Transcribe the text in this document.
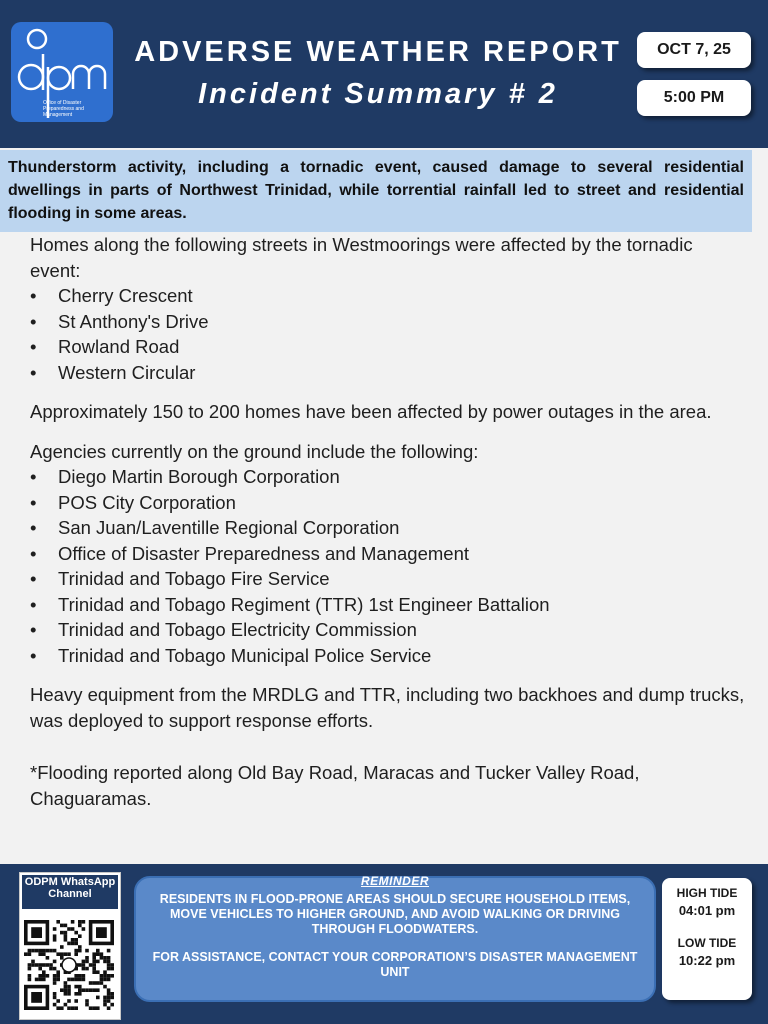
Office of Disaster Preparedness and Management
ADVERSE WEATHER REPORT
Incident Summary # 2
OCT 7, 25
5:00 PM
Thunderstorm activity, including a tornadic event, caused damage to several residential dwellings in parts of Northwest Trinidad, while torrential rainfall led to street and residential flooding in some areas.

Homes along the following streets in Westmoorings were affected by the tornadic event:

• Cherry Crescent
• St Anthony's Drive
• Rowland Road
• Western Circular

Approximately 150 to 200 homes have been affected by power outages in the area.

Agencies currently on the ground include the following:

• Diego Martin Borough Corporation
• POS City Corporation
• San Juan/Laventille Regional Corporation
• Office of Disaster Preparedness and Management
• Trinidad and Tobago Fire Service
• Trinidad and Tobago Regiment (TTR) 1st Engineer Battalion
• Trinidad and Tobago Electricity Commission
• Trinidad and Tobago Municipal Police Service

Heavy equipment from the MRDLG and TTR, including two backhoes and dump trucks, was deployed to support response efforts.

*Flooding reported along Old Bay Road, Maracas and Tucker Valley Road, Chaguaramas.

ODPM WhatsApp Channel
REMINDER
RESIDENTS IN FLOOD-PRONE AREAS SHOULD SECURE HOUSEHOLD ITEMS, MOVE VEHICLES TO HIGHER GROUND, AND AVOID WALKING OR DRIVING THROUGH FLOODWATERS.
FOR ASSISTANCE, CONTACT YOUR CORPORATION’S DISASTER MANAGEMENT UNIT
HIGH TIDE
04:01 pm
LOW TIDE
10:22 pm
